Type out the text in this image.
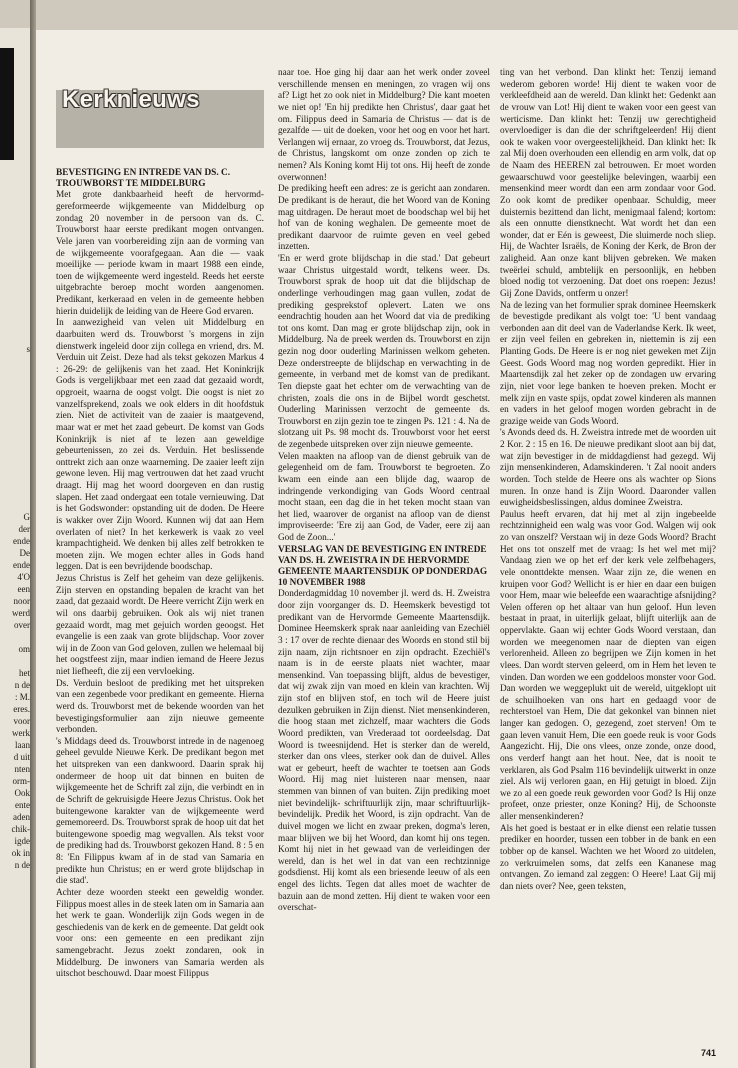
s
G
der
ende
De
ende
4'O
een
noor
werd
over
om
het
n de
: M.
eres.
voor
werk
laan
d uit
nten
orm-
Ook
ente
aden
chik-
igde
ok in
n de
Kerknieuws

BEVESTIGING EN INTREDE VAN DS. C. TROUWBORST TE MIDDELBURG

Met grote dankbaarheid heeft de hervormd-gereformeerde wijkgemeente van Middelburg op zondag 20 november in de persoon van ds. C. Trouwborst haar eerste predikant mogen ontvangen. Vele jaren van voorbereiding zijn aan de vorming van de wijkgemeente voorafgegaan. Aan die — vaak moeilijke — periode kwam in maart 1988 een einde, toen de wijkgemeente werd ingesteld. Reeds het eerste uitgebrachte beroep mocht worden aangenomen. Predikant, kerkeraad en velen in de gemeente hebben hierin duidelijk de leiding van de Heere God ervaren.

In aanwezigheid van velen uit Middelburg en daarbuiten werd ds. Trouwborst 's morgens in zijn dienstwerk ingeleid door zijn collega en vriend, drs. M. Verduin uit Zeist. Deze had als tekst gekozen Markus 4 : 26-29: de gelijkenis van het zaad. Het Koninkrijk Gods is vergelijkbaar met een zaad dat gezaaid wordt, opgroeit, waarna de oogst volgt. Die oogst is niet zo vanzelfsprekend, zoals we ook elders in dit hoofdstuk zien. Niet de activiteit van de zaaier is maatgevend, maar wat er met het zaad gebeurt. De komst van Gods Koninkrijk is niet af te lezen aan geweldige gebeurtenissen, zo zei ds. Verduin. Het beslissende onttrekt zich aan onze waarneming. De zaaier leeft zijn gewone leven. Hij mag vertrouwen dat het zaad vrucht draagt. Hij mag het woord doorgeven en dan rustig slapen. Het zaad ondergaat een totale vernieuwing. Dat is het Godswonder: opstanding uit de doden. De Heere is wakker over Zijn Woord. Kunnen wij dat aan Hem overlaten of niet? In het kerkewerk is vaak zo veel krampachtigheid. We denken bij alles zelf betrokken te moeten zijn. We mogen echter alles in Gods hand leggen. Dat is een bevrijdende boodschap.

Jezus Christus is Zelf het geheim van deze gelijkenis. Zijn sterven en opstanding bepalen de kracht van het zaad, dat gezaaid wordt. De Heere verricht Zijn werk en wil ons daarbij gebruiken. Ook als wij niet tranen gezaaid wordt, mag met gejuich worden geoogst. Het evangelie is een zaak van grote blijdschap. Voor zover wij in de Zoon van God geloven, zullen we helemaal bij het oogstfeest zijn, maar indien iemand de Heere Jezus niet liefheeft, die zij een vervloeking.

Ds. Verduin besloot de prediking met het uitspreken van een zegenbede voor predikant en gemeente. Hierna werd ds. Trouwborst met de bekende woorden van het bevestigingsformulier aan zijn nieuwe gemeente verbonden.

's Middags deed ds. Trouwborst intrede in de nagenoeg geheel gevulde Nieuwe Kerk. De predikant begon met het uitspreken van een dankwoord. Daarin sprak hij ondermeer de hoop uit dat binnen en buiten de wijkgemeente het de Schrift zal zijn, die verbindt en in de Schrift de gekruisigde Heere Jezus Christus. Ook het buitengewone karakter van de wijkgemeente werd gememoreerd. Ds. Trouwborst sprak de hoop uit dat het buitengewone spoedig mag wegvallen. Als tekst voor de prediking had ds. Trouwborst gekozen Hand. 8 : 5 en 8: 'En Filippus kwam af in de stad van Samaria en predikte hun Christus; en er werd grote blijdschap in die stad'.

Achter deze woorden steekt een geweldig wonder. Filippus moest alles in de steek laten om in Samaria aan het werk te gaan. Wonderlijk zijn Gods wegen in de geschiedenis van de kerk en de gemeente. Dat geldt ook voor ons: een gemeente en een predikant zijn samengebracht. Jezus zoekt zondaren, ook in Middelburg. De inwoners van Samaria werden als uitschot beschouwd. Daar moest Filippus

naar toe. Hoe ging hij daar aan het werk onder zoveel verschillende mensen en meningen, zo vragen wij ons af? Ligt het zo ook niet in Middelburg? Die kant moeten we niet op! 'En hij predikte hen Christus', daar gaat het om. Filippus deed in Samaria de Christus — dat is de gezalfde — uit de doeken, voor het oog en voor het hart. Verlangen wij ernaar, zo vroeg ds. Trouwborst, dat Jezus, de Christus, langskomt om onze zonden op zich te nemen? Als Koning komt Hij tot ons. Hij heeft de zonde overwonnen!

De prediking heeft een adres: ze is gericht aan zondaren. De predikant is de heraut, die het Woord van de Koning mag uitdragen. De heraut moet de boodschap wel bij het hof van de koning weghalen. De gemeente moet de predikant daarvoor de ruimte geven en veel gebed inzetten.

'En er werd grote blijdschap in die stad.' Dat gebeurt waar Christus uitgestald wordt, telkens weer. Ds. Trouwborst sprak de hoop uit dat die blijdschap de onderlinge verhoudingen mag gaan vullen, zodat de prediking gesprekstof oplevert. Laten we ons eendrachtig houden aan het Woord dat via de prediking tot ons komt. Dan mag er grote blijdschap zijn, ook in Middelburg. Na de preek werden ds. Trouwborst en zijn gezin nog door ouderling Marinissen welkom geheten. Deze onderstreepte de blijdschap en verwachting in de gemeente, in verband met de komst van de predikant. Ten diepste gaat het echter om de verwachting van de christen, zoals die ons in de Bijbel wordt geschetst. Ouderling Marinissen verzocht de gemeente ds. Trouwborst en zijn gezin toe te zingen Ps. 121 : 4. Na de slotzang uit Ps. 98 mocht ds. Trouwborst voor het eerst de zegenbede uitspreken over zijn nieuwe gemeente.

Velen maakten na afloop van de dienst gebruik van de gelegenheid om de fam. Trouwborst te begroeten. Zo kwam een einde aan een blijde dag, waarop de indringende verkondiging van Gods Woord centraal mocht staan, een dag die in het teken mocht staan van het lied, waarover de organist na afloop van de dienst improviseerde: 'Ere zij aan God, de Vader, eere zij aan God de Zoon...'

VERSLAG VAN DE BEVESTIGING EN INTREDE VAN DS. H. ZWEISTRA IN DE HERVORMDE GEMEENTE MAARTENSDIJK OP DONDERDAG 10 NOVEMBER 1988

Donderdagmiddag 10 november jl. werd ds. H. Zweistra door zijn voorganger ds. D. Heemskerk bevestigd tot predikant van de Hervormde Gemeente Maartensdijk. Dominee Heemskerk sprak naar aanleiding van Ezechiël 3 : 17 over de rechte dienaar des Woords en stond stil bij zijn naam, zijn richtsnoer en zijn opdracht. Ezechiël's naam is in de eerste plaats niet wachter, maar mensenkind. Van toepassing blijft, aldus de bevestiger, dat wij zwak zijn van moed en klein van krachten. Wij zijn stof en blijven stof, en toch wil de Heere juist dezulken gebruiken in Zijn dienst. Niet mensenkinderen, die hoog staan met zichzelf, maar wachters die Gods Woord predikten, van Vrederaad tot oordeelsdag. Dat Woord is tweesnijdend. Het is sterker dan de wereld, sterker dan ons vlees, sterker ook dan de duivel. Alles wat er gebeurt, heeft de wachter te toetsen aan Gods Woord. Hij mag niet luisteren naar mensen, naar stemmen van binnen of van buiten. Zijn prediking moet niet bevindelijk- schriftuurlijk zijn, maar schriftuurlijk-bevindelijk. Predik het Woord, is zijn opdracht. Van de duivel mogen we licht en zwaar preken, dogma's leren, maar blijven we bij het Woord, dan komt hij ons tegen. Komt hij niet in het gewaad van de verleidingen der wereld, dan is het wel in dat van een rechtzinnige godsdienst. Hij komt als een briesende leeuw of als een engel des lichts. Tegen dat alles moet de wachter de bazuin aan de mond zetten. Hij dient te waken voor een overschat-

ting van het verbond. Dan klinkt het: Tenzij iemand wederom geboren worde! Hij dient te waken voor de verkleefdheid aan de wereld. Dan klinkt het: Gedenkt aan de vrouw van Lot! Hij dient te waken voor een geest van werticisme. Dan klinkt het: Tenzij uw gerechtigheid overvloediger is dan die der schriftgeleerden! Hij dient ook te waken voor overgeestelijkheid. Dan klinkt het: Ik zal Mij doen overhouden een ellendig en arm volk, dat op de Naam des HEEREN zal betrouwen. Er moet worden gewaarschuwd voor geestelijke belevingen, waarbij een mensenkind meer wordt dan een arm zondaar voor God. Zo ook komt de prediker openbaar. Schuldig, meer duisternis bezittend dan licht, menigmaal falend; kortom: als een onnutte dienstknecht. Wat wordt het dan een wonder, dat er Eén is geweest, Die sluimerde noch sliep. Hij, de Wachter Israëls, de Koning der Kerk, de Bron der zaligheid. Aan onze kant blijven gebreken. We maken tweërlei schuld, ambtelijk en persoonlijk, en hebben bloed nodig tot verzoening. Dat doet ons roepen: Jezus! Gij Zone Davids, ontferm u onzer!

Na de lezing van het formulier sprak dominee Heemskerk de bevestigde predikant als volgt toe: 'U bent vandaag verbonden aan dit deel van de Vaderlandse Kerk. Ik weet, er zijn veel feilen en gebreken in, niettemin is zij een Planting Gods. De Heere is er nog niet geweken met Zijn Geest. Gods Woord mag nog worden gepredikt. Hier in Maartensdijk zal het zeker op de zondagen uw ervaring zijn, niet voor lege banken te hoeven preken. Mocht er melk zijn en vaste spijs, opdat zowel kinderen als mannen en vaders in het geloof mogen worden gebracht in de grazige weide van Gods Woord.

's Avonds deed ds. H. Zweistra intrede met de woorden uit 2 Kor. 2 : 15 en 16. De nieuwe predikant sloot aan bij dat, wat zijn bevestiger in de middagdienst had gezegd. Wij zijn mensenkinderen, Adamskinderen. 't Zal nooit anders worden. Toch stelde de Heere ons als wachter op Sions muren. In onze hand is Zijn Woord. Daaronder vallen euwigheidsbeslissingen, aldus dominee Zweistra.

Paulus heeft ervaren, dat hij met al zijn ingebeelde rechtzinnigheid een walg was voor God. Walgen wij ook zo van onszelf? Verstaan wij in deze Gods Woord? Bracht Het ons tot onszelf met de vraag: Is het wel met mij? Vandaag zien we op het erf der kerk vele zelfbehagers, vele ononttdekte mensen. Waar zijn ze, die wenen en kruipen voor God? Wellicht is er hier en daar een buigen voor Hem, maar wie beleefde een waarachtige afsnijding? Velen offeren op het altaar van hun geloof. Hun leven bestaat in praat, in uiterlijk gelaat, blijft uiterlijk aan de oppervlakte. Gaan wij echter Gods Woord verstaan, dan worden we meegenomen naar de diepten van eigen verlorenheid. Alleen zo begrijpen we Zijn komen in het vlees. Dan wordt sterven geleerd, om in Hem het leven te vinden. Dan worden we een goddeloos monster voor God. Dan worden we weggeplukt uit de wereld, uitgeklopt uit de schuilhoeken van ons hart en gedaagd voor de rechterstoel van Hem, Die dat gekonkel van binnen niet langer kan gedogen. O, gezegend, zoet sterven! Om te gaan leven vanuit Hem, Die een goede reuk is voor Gods Aangezicht. Hij, Die ons vlees, onze zonde, onze dood, ons verderf hangt aan het hout. Nee, dat is nooit te verklaren, als God Psalm 116 bevindelijk uitwerkt in onze ziel. Als wij verloren gaan, en Hij getuigt in bloed. Zijn we zo al een goede reuk geworden voor God? Is Hij onze profeet, onze priester, onze Koning? Hij, de Schoonste aller mensenkinderen?

Als het goed is bestaat er in elke dienst een relatie tussen prediker en hoorder, tussen een tobber in de bank en een tobber op de kansel. Wachten we het Woord zo uitdelen, zo verkruimelen soms, dat zelfs een Kananese mag ontvangen. Zo iemand zal zeggen: O Heere! Laat Gij mij dan niets over? Nee, geen teksten,

741
